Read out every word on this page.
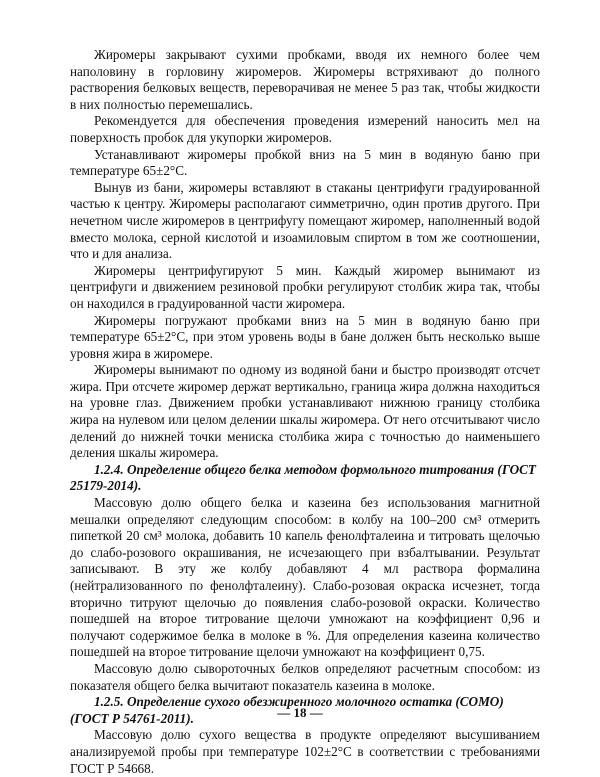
Жиромеры закрывают сухими пробками, вводя их немного более чем наполовину в горловину жиромеров. Жиромеры встряхивают до полного растворения белковых веществ, переворачивая не менее 5 раз так, чтобы жидкости в них полностью перемешались.

Рекомендуется для обеспечения проведения измерений наносить мел на поверхность пробок для укупорки жиромеров.

Устанавливают жиромеры пробкой вниз на 5 мин в водяную баню при температуре 65±2°С.

Вынув из бани, жиромеры вставляют в стаканы центрифуги градуированной частью к центру. Жиромеры располагают симметрично, один против другого. При нечетном числе жиромеров в центрифугу помещают жиромер, наполненный водой вместо молока, серной кислотой и изоамиловым спиртом в том же соотношении, что и для анализа.

Жиромеры центрифугируют 5 мин. Каждый жиромер вынимают из центрифуги и движением резиновой пробки регулируют столбик жира так, чтобы он находился в градуированной части жиромера.

Жиромеры погружают пробками вниз на 5 мин в водяную баню при температуре 65±2°С, при этом уровень воды в бане должен быть несколько выше уровня жира в жиромере.

Жиромеры вынимают по одному из водяной бани и быстро производят отсчет жира. При отсчете жиромер держат вертикально, граница жира должна находиться на уровне глаз. Движением пробки устанавливают нижнюю границу столбика жира на нулевом или целом делении шкалы жиромера. От него отсчитывают число делений до нижней точки мениска столбика жира с точностью до наименьшего деления шкалы жиромера.

1.2.4. Определение общего белка методом формольного титрования (ГОСТ 25179-2014).

Массовую долю общего белка и казеина без использования магнитной мешалки определяют следующим способом: в колбу на 100–200 см³ отмерить пипеткой 20 см³ молока, добавить 10 капель фенолфталеина и титровать щелочью до слабо-розового окрашивания, не исчезающего при взбалтывании. Результат записывают. В эту же колбу добавляют 4 мл раствора формалина (нейтрализованного по фенолфталеину). Слабо-розовая окраска исчезнет, тогда вторично титруют щелочью до появления слабо-розовой окраски. Количество пошедшей на второе титрование щелочи умножают на коэффициент 0,96 и получают содержимое белка в молоке в %. Для определения казеина количество пошедшей на второе титрование щелочи умножают на коэффициент 0,75.

Массовую долю сывороточных белков определяют расчетным способом: из показателя общего белка вычитают показатель казеина в молоке.

1.2.5. Определение сухого обезжиренного молочного остатка (СОМО) (ГОСТ Р 54761-2011).

Массовую долю сухого вещества в продукте определяют высушиванием анализируемой пробы при температуре 102±2°С в соответствии с требованиями ГОСТ Р 54668.

— 18 —
